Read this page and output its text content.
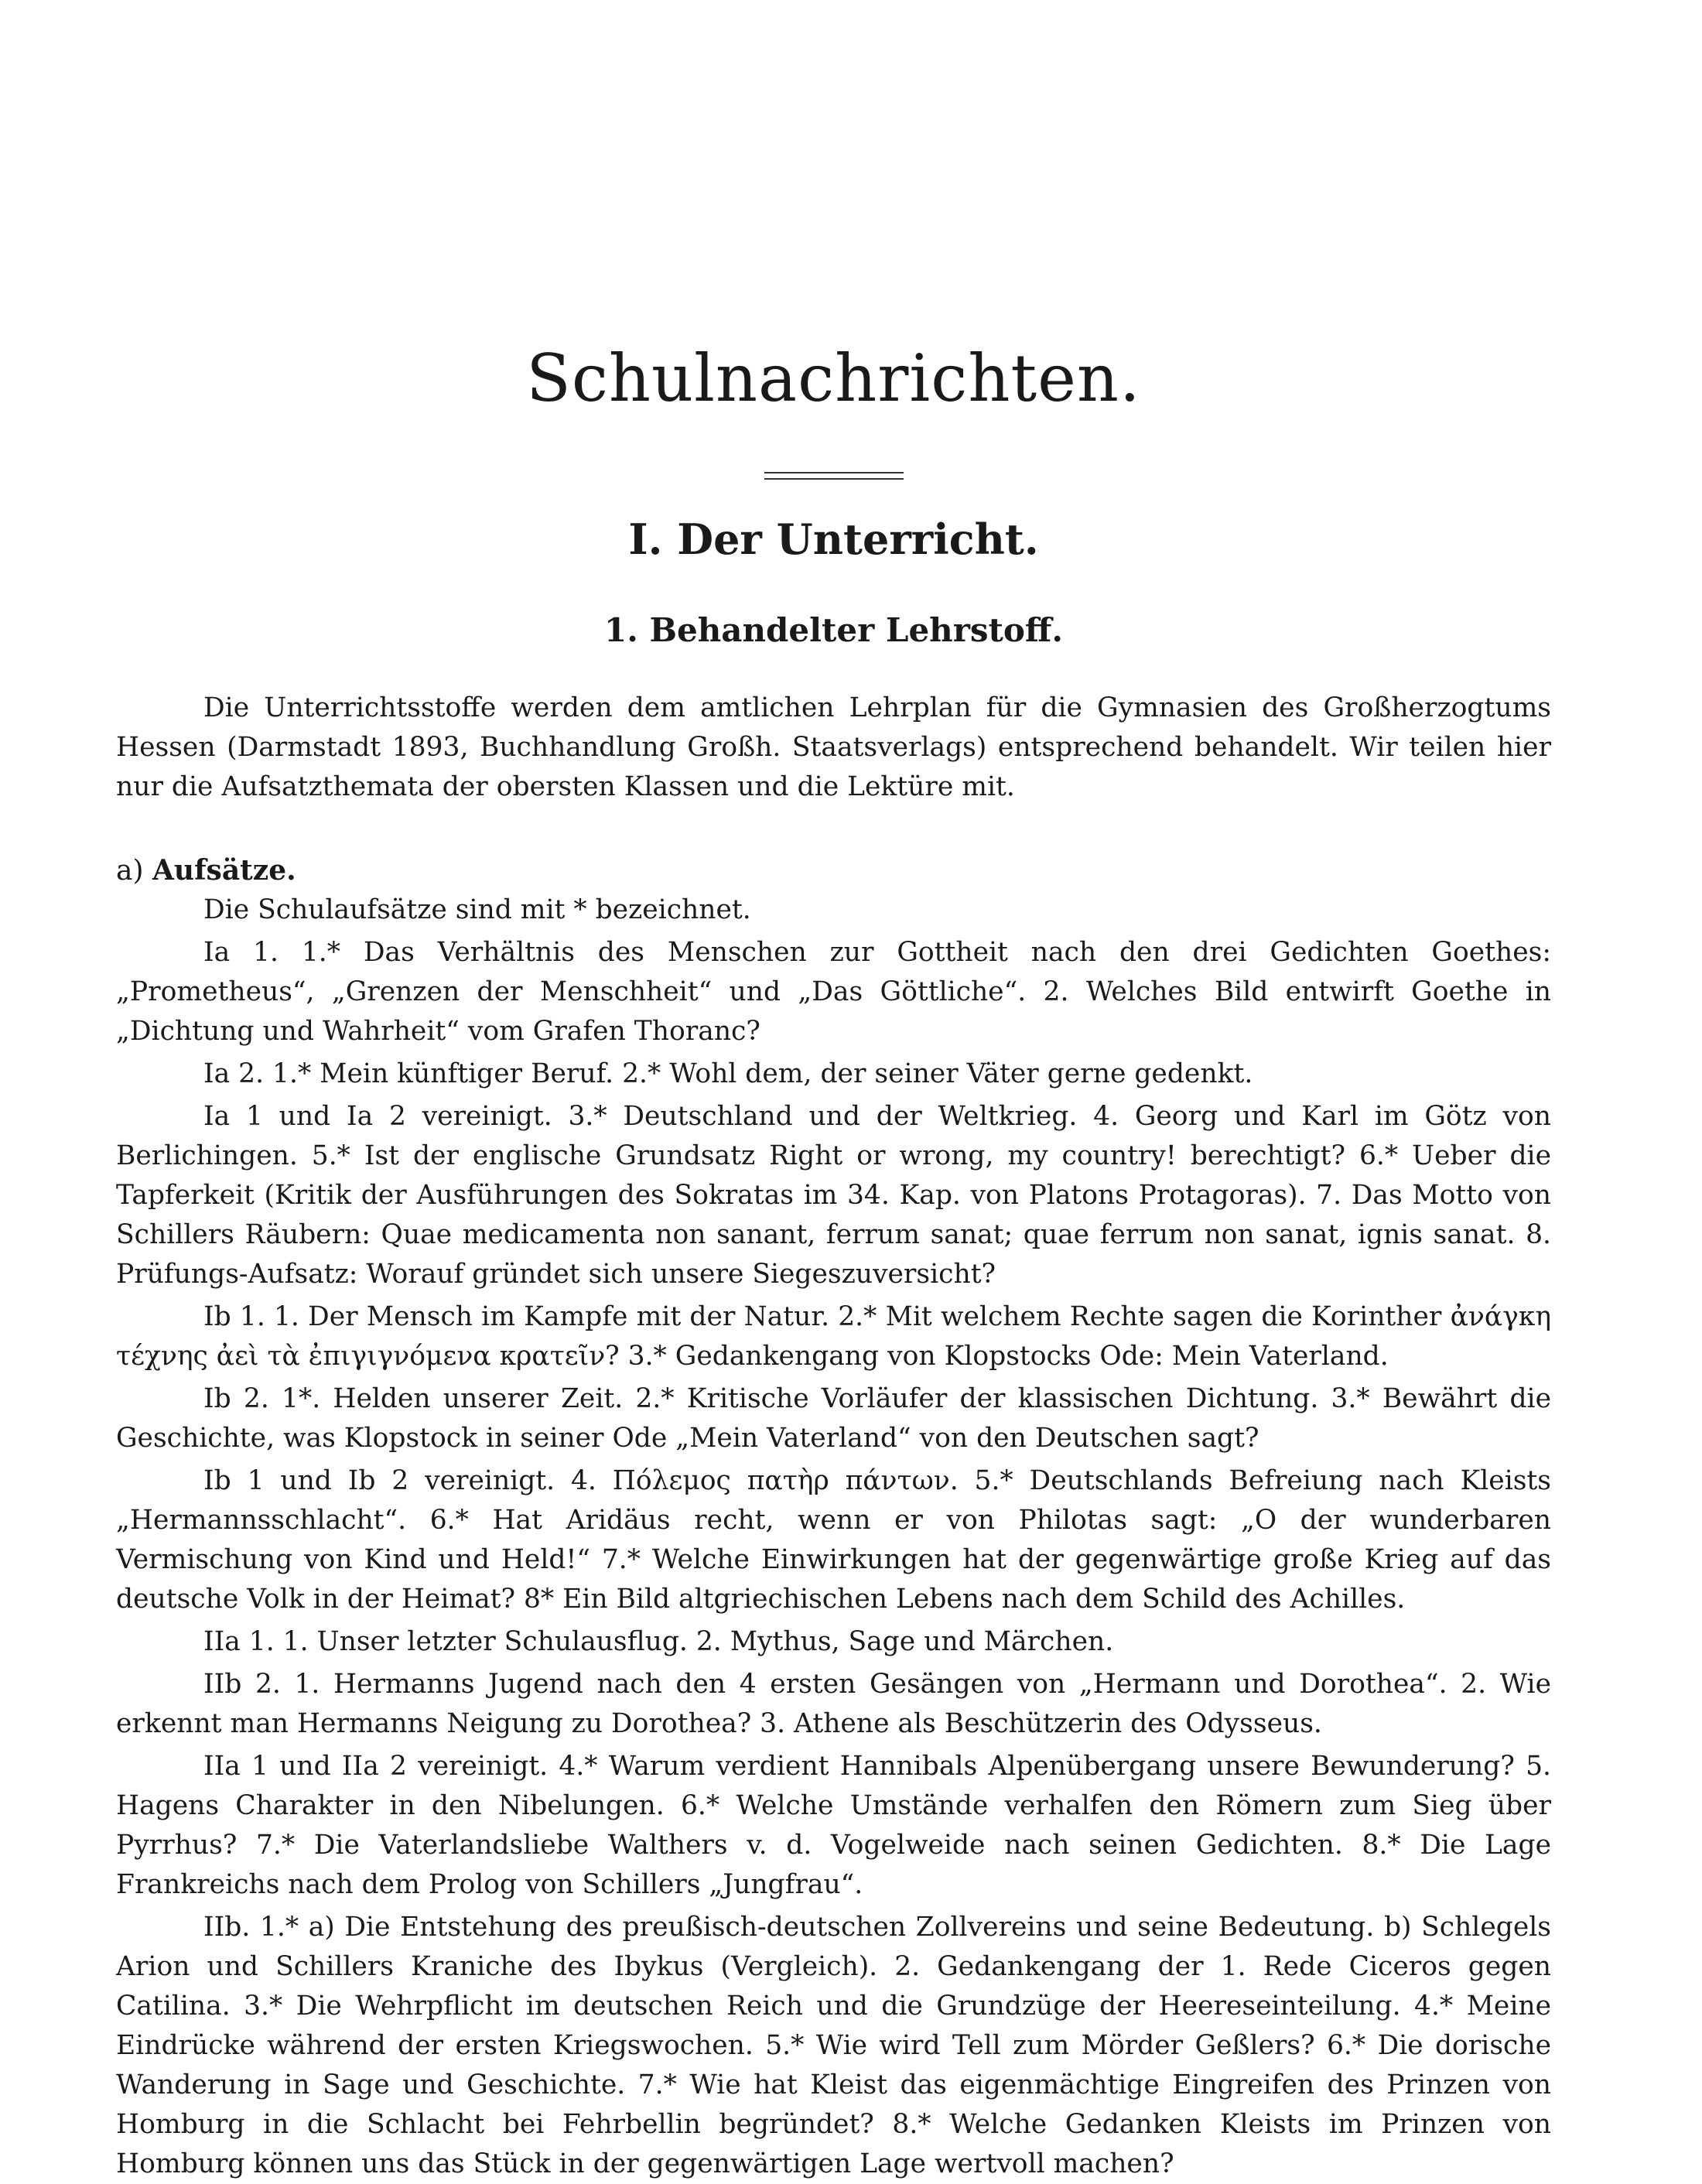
Schulnachrichten.
I. Der Unterricht.
1. Behandelter Lehrstoff.

Die Unterrichtsstoffe werden dem amtlichen Lehrplan für die Gymnasien des Großherzogtums Hessen (Darmstadt 1893, Buchhandlung Großh. Staatsverlags) entsprechend behandelt. Wir teilen hier nur die Aufsatzthemata der obersten Klassen und die Lektüre mit.

a) Aufsätze.

Die Schulaufsätze sind mit * bezeichnet.

Ia 1. 1.* Das Verhältnis des Menschen zur Gottheit nach den drei Gedichten Goethes: „Prometheus“, „Grenzen der Menschheit“ und „Das Göttliche“. 2. Welches Bild entwirft Goethe in „Dichtung und Wahrheit“ vom Grafen Thoranc?

Ia 2. 1.* Mein künftiger Beruf. 2.* Wohl dem, der seiner Väter gerne gedenkt.

Ia 1 und Ia 2 vereinigt. 3.* Deutschland und der Weltkrieg. 4. Georg und Karl im Götz von Berlichingen. 5.* Ist der englische Grundsatz Right or wrong, my country! berechtigt? 6.* Ueber die Tapferkeit (Kritik der Ausführungen des Sokratas im 34. Kap. von Platons Protagoras). 7. Das Motto von Schillers Räubern: Quae medicamenta non sanant, ferrum sanat; quae ferrum non sanat, ignis sanat. 8. Prüfungs-Aufsatz: Worauf gründet sich unsere Siegeszuversicht?

Ib 1. 1. Der Mensch im Kampfe mit der Natur. 2.* Mit welchem Rechte sagen die Korinther ἀνάγκη τέχνης ἀεὶ τὰ ἐπιγιγνόμενα κρατεῖν? 3.* Gedankengang von Klopstocks Ode: Mein Vaterland.

Ib 2. 1*. Helden unserer Zeit. 2.* Kritische Vorläufer der klassischen Dichtung. 3.* Bewährt die Geschichte, was Klopstock in seiner Ode „Mein Vaterland“ von den Deutschen sagt?

Ib 1 und Ib 2 vereinigt. 4. Πόλεμος πατὴρ πάντων. 5.* Deutschlands Befreiung nach Kleists „Hermannsschlacht“. 6.* Hat Aridäus recht, wenn er von Philotas sagt: „O der wunderbaren Vermischung von Kind und Held!“ 7.* Welche Einwirkungen hat der gegenwärtige große Krieg auf das deutsche Volk in der Heimat? 8* Ein Bild altgriechischen Lebens nach dem Schild des Achilles.

IIa 1. 1. Unser letzter Schulausflug. 2. Mythus, Sage und Märchen.

IIb 2. 1. Hermanns Jugend nach den 4 ersten Gesängen von „Hermann und Dorothea“. 2. Wie erkennt man Hermanns Neigung zu Dorothea? 3. Athene als Beschützerin des Odysseus.

IIa 1 und IIa 2 vereinigt. 4.* Warum verdient Hannibals Alpenübergang unsere Bewunderung? 5. Hagens Charakter in den Nibelungen. 6.* Welche Umstände verhalfen den Römern zum Sieg über Pyrrhus? 7.* Die Vaterlandsliebe Walthers v. d. Vogelweide nach seinen Gedichten. 8.* Die Lage Frankreichs nach dem Prolog von Schillers „Jungfrau“.

IIb. 1.* a) Die Entstehung des preußisch-deutschen Zollvereins und seine Bedeutung. b) Schlegels Arion und Schillers Kraniche des Ibykus (Vergleich). 2. Gedankengang der 1. Rede Ciceros gegen Catilina. 3.* Die Wehrpflicht im deutschen Reich und die Grundzüge der Heereseinteilung. 4.* Meine Eindrücke während der ersten Kriegswochen. 5.* Wie wird Tell zum Mörder Geßlers? 6.* Die dorische Wanderung in Sage und Geschichte. 7.* Wie hat Kleist das eigenmächtige Eingreifen des Prinzen von Homburg in die Schlacht bei Fehrbellin begründet? 8.* Welche Gedanken Kleists im Prinzen von Homburg können uns das Stück in der gegenwärtigen Lage wertvoll machen?
